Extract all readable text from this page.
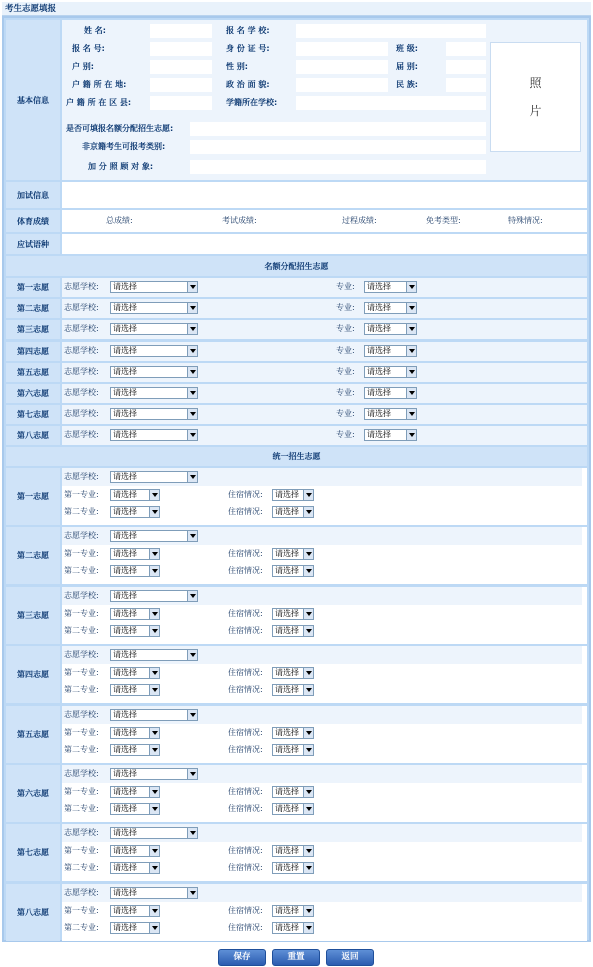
考生志愿填报
基本信息
姓 名:	报 名 学 校:
报 名 号:	身 份 证 号:	班 级:
户 别:	性 别:	届 别:
户 籍 所 在 地:	政 治 面 貌:	民 族:
户 籍 所 在 区 县:	学籍所在学校:
是否可填报名额分配招生志愿:
非京籍考生可报考类别:
加 分 照 顾 对 象:
照
片
加试信息
体育成绩	总成绩:	考试成绩:	过程成绩:	免考类型:	特殊情况:
应试语种
名额分配招生志愿
统一招生志愿
第一志愿	志愿学校:	请选择	专业:	请选择
第二志愿	志愿学校:	请选择	专业:	请选择
第三志愿	志愿学校:	请选择	专业:	请选择
第四志愿	志愿学校:	请选择	专业:	请选择
第五志愿	志愿学校:	请选择	专业:	请选择
第六志愿	志愿学校:	请选择	专业:	请选择
第七志愿	志愿学校:	请选择	专业:	请选择
第八志愿	志愿学校:	请选择	专业:	请选择
第一志愿
志愿学校:	请选择
第一专业:	请选择	住宿情况:	请选择
第二专业:	请选择	住宿情况:	请选择
第二志愿
志愿学校:	请选择
第一专业:	请选择	住宿情况:	请选择
第二专业:	请选择	住宿情况:	请选择
第三志愿
志愿学校:	请选择
第一专业:	请选择	住宿情况:	请选择
第二专业:	请选择	住宿情况:	请选择
第四志愿
志愿学校:	请选择
第一专业:	请选择	住宿情况:	请选择
第二专业:	请选择	住宿情况:	请选择
第五志愿
志愿学校:	请选择
第一专业:	请选择	住宿情况:	请选择
第二专业:	请选择	住宿情况:	请选择
第六志愿
志愿学校:	请选择
第一专业:	请选择	住宿情况:	请选择
第二专业:	请选择	住宿情况:	请选择
第七志愿
志愿学校:	请选择
第一专业:	请选择	住宿情况:	请选择
第二专业:	请选择	住宿情况:	请选择
第八志愿
志愿学校:	请选择
第一专业:	请选择	住宿情况:	请选择
第二专业:	请选择	住宿情况:	请选择
保存	重置	返回
